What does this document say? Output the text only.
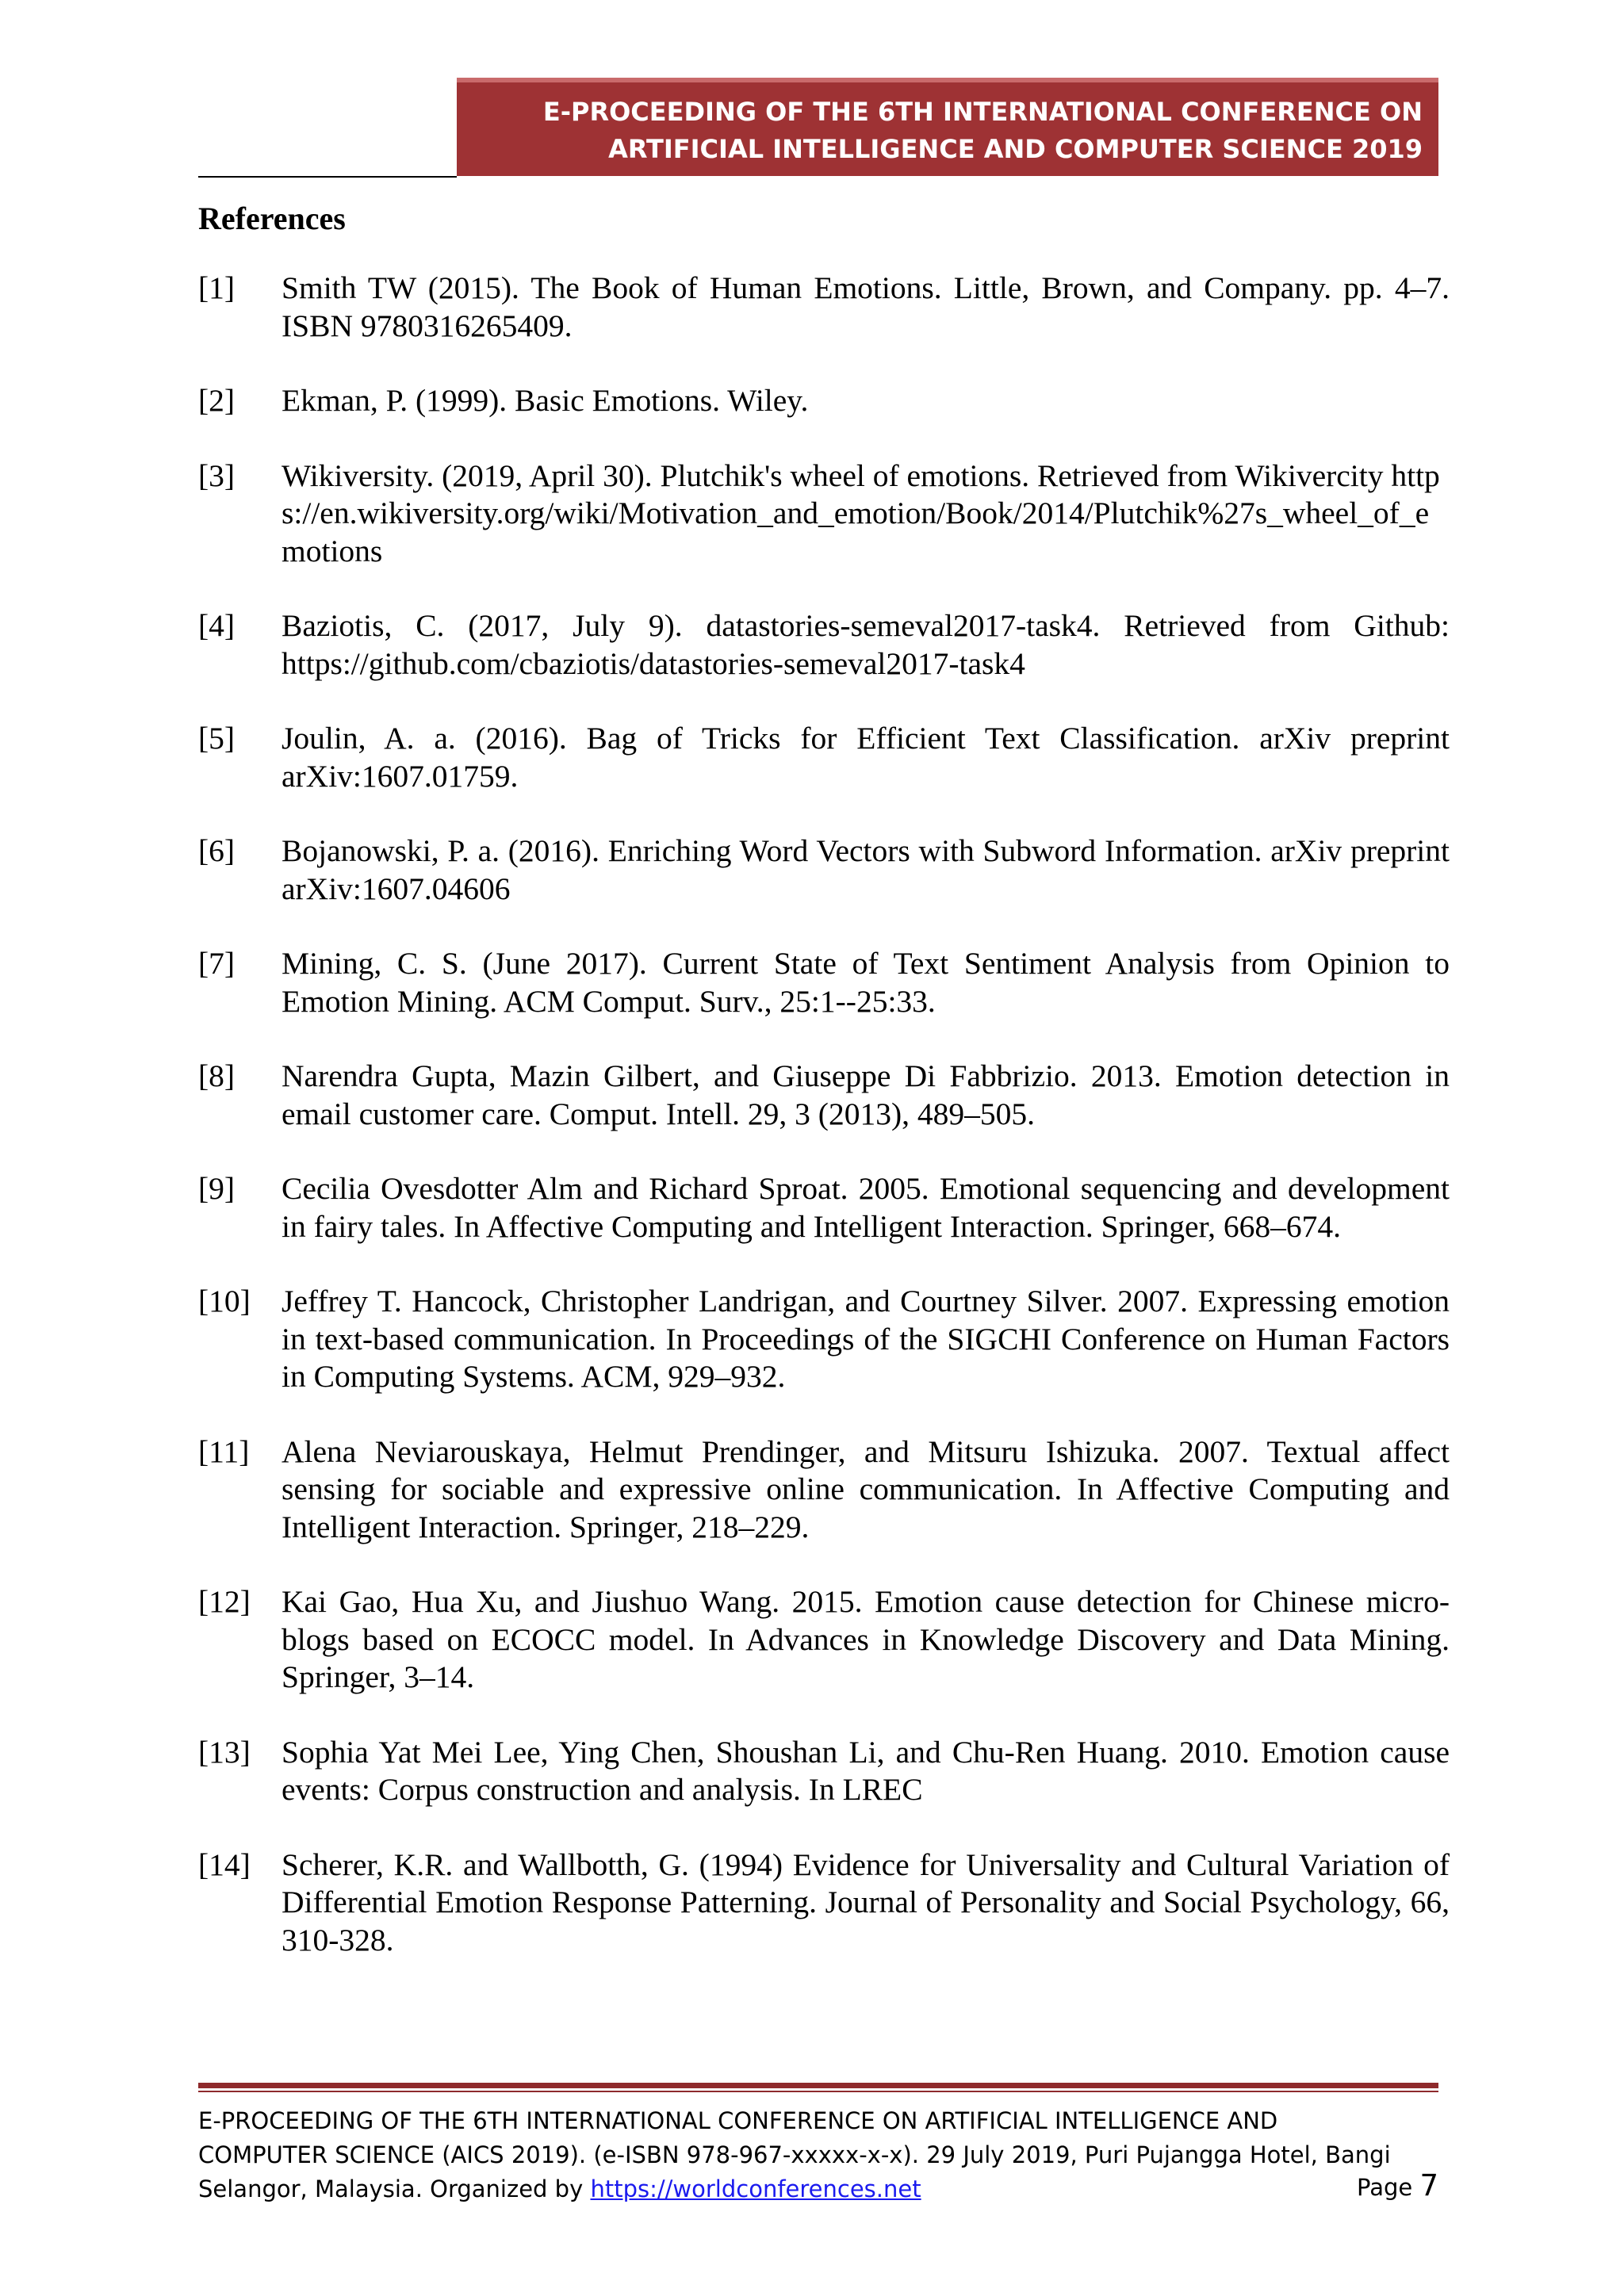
E-PROCEEDING OF THE 6TH INTERNATIONAL CONFERENCE ON
ARTIFICIAL INTELLIGENCE AND COMPUTER SCIENCE 2019
References
[1]	Smith TW (2015). The Book of Human Emotions. Little, Brown, and Company. pp. 4–7. ISBN 9780316265409.
[2]	Ekman, P. (1999). Basic Emotions. Wiley.
[3]	Wikiversity. (2019, April 30). Plutchik's wheel of emotions. Retrieved from Wikivercity https://en.wikiversity.org/wiki/Motivation_and_emotion/Book/2014/Plutchik%27s_wheel_of_emotions
[4]	Baziotis, C. (2017, July 9). datastories-semeval2017-task4. Retrieved from Github: https://github.com/cbaziotis/datastories-semeval2017-task4
[5]	Joulin, A. a. (2016). Bag of Tricks for Efficient Text Classification. arXiv preprint arXiv:1607.01759.
[6]	Bojanowski, P. a. (2016). Enriching Word Vectors with Subword Information. arXiv preprint arXiv:1607.04606
[7]	Mining, C. S. (June 2017). Current State of Text Sentiment Analysis from Opinion to Emotion Mining. ACM Comput. Surv., 25:1--25:33.
[8]	Narendra Gupta, Mazin Gilbert, and Giuseppe Di Fabbrizio. 2013. Emotion detection in email customer care. Comput. Intell. 29, 3 (2013), 489–505.
[9]	Cecilia Ovesdotter Alm and Richard Sproat. 2005. Emotional sequencing and development in fairy tales. In Affective Computing and Intelligent Interaction. Springer, 668–674.
[10] Jeffrey T. Hancock, Christopher Landrigan, and Courtney Silver. 2007. Expressing emotion in text-based communication. In Proceedings of the SIGCHI Conference on Human Factors in Computing Systems. ACM, 929–932.
[11]	Alena Neviarouskaya, Helmut Prendinger, and Mitsuru Ishizuka. 2007. Textual affect sensing for sociable and expressive online communication. In Affective Computing and Intelligent Interaction. Springer, 218–229.
[12] Kai Gao, Hua Xu, and Jiushuo Wang. 2015. Emotion cause detection for Chinese micro-blogs based on ECOCC model. In Advances in Knowledge Discovery and Data Mining. Springer, 3–14.
[13] Sophia Yat Mei Lee, Ying Chen, Shoushan Li, and Chu-Ren Huang. 2010. Emotion cause events: Corpus construction and analysis. In LREC
[14] Scherer, K.R. and Wallbotth, G. (1994) Evidence for Universality and Cultural Variation of Differential Emotion Response Patterning. Journal of Personality and Social Psychology, 66, 310-328.
E-PROCEEDING OF THE 6TH INTERNATIONAL CONFERENCE ON ARTIFICIAL INTELLIGENCE AND
COMPUTER SCIENCE (AICS 2019). (e-ISBN 978-967-xxxxx-x-x). 29 July 2019, Puri Pujangga Hotel, Bangi
Selangor, Malaysia. Organized by https://worldconferences.net	Page 7
